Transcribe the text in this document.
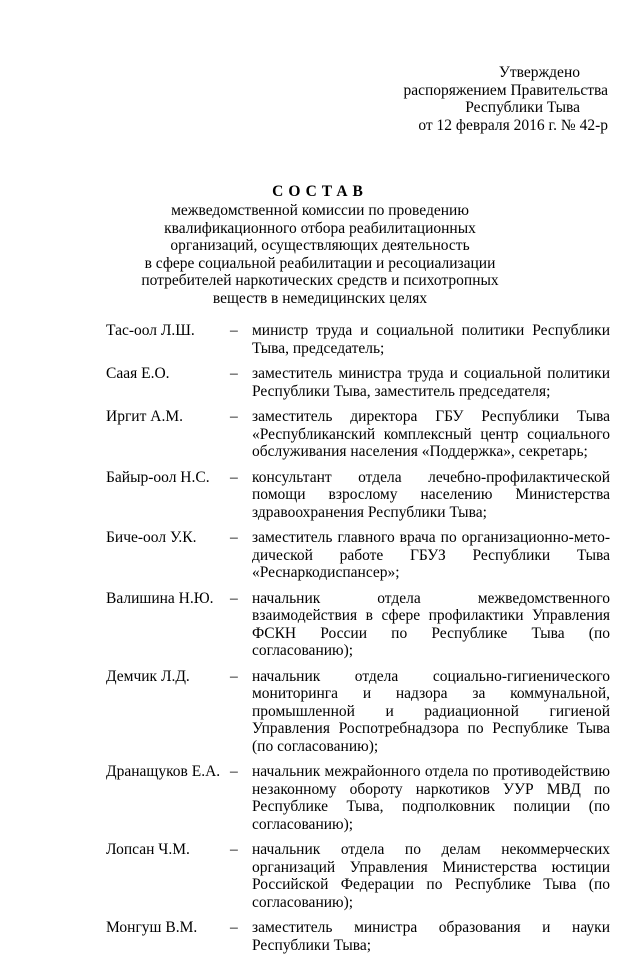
Утверждено
распоряжением Правительства
Республики Тыва
от 12 февраля 2016 г. № 42-р
СОСТАВ
межведомственной комиссии по проведению
квалификационного отбора реабилитационных
организаций, осуществляющих деятельность
в сфере социальной реабилитации и ресоциализации
потребителей наркотических средств и психотропных
веществ в немедицинских целях
Тас-оол Л.Ш. – министр труда и социальной политики Республики Тыва, председатель;
Саая Е.О.	– заместитель министра труда и социальной политики Республики Тыва, заместитель председателя;
Иргит А.М.	– заместитель директора ГБУ Республики Тыва «Республиканский комплексный центр социального обслуживания населения «Поддержка», секретарь;
Байыр-оол Н.С. – консультант отдела лечебно-профилактической помощи взрослому населению Министерства здравоохранения Республики Тыва;
Биче-оол У.К. – заместитель главного врача по организационно-мето-дической работе ГБУЗ Республики Тыва «Реснаркодиспансер»;
Валишина Н.Ю. – начальник отдела межведомственного взаимодействия в сфере профилактики Управления ФСКН России по Республике Тыва (по согласованию);
Демчик Л.Д.	– начальник отдела социально-гигиенического мониторинга и надзора за коммунальной, промышленной и радиационной гигиеной Управления Роспотребнадзора по Республике Тыва (по согласованию);
Дранащуков Е.А. – начальник межрайонного отдела по противодействию незаконному обороту наркотиков УУР МВД по Республике Тыва, подполковник полиции (по согласованию);
Лопсан Ч.М.	– начальник отдела по делам некоммерческих организаций Управления Министерства юстиции Российской Федерации по Республике Тыва (по согласованию);
Монгуш В.М. – заместитель министра образования и науки Республики Тыва;
